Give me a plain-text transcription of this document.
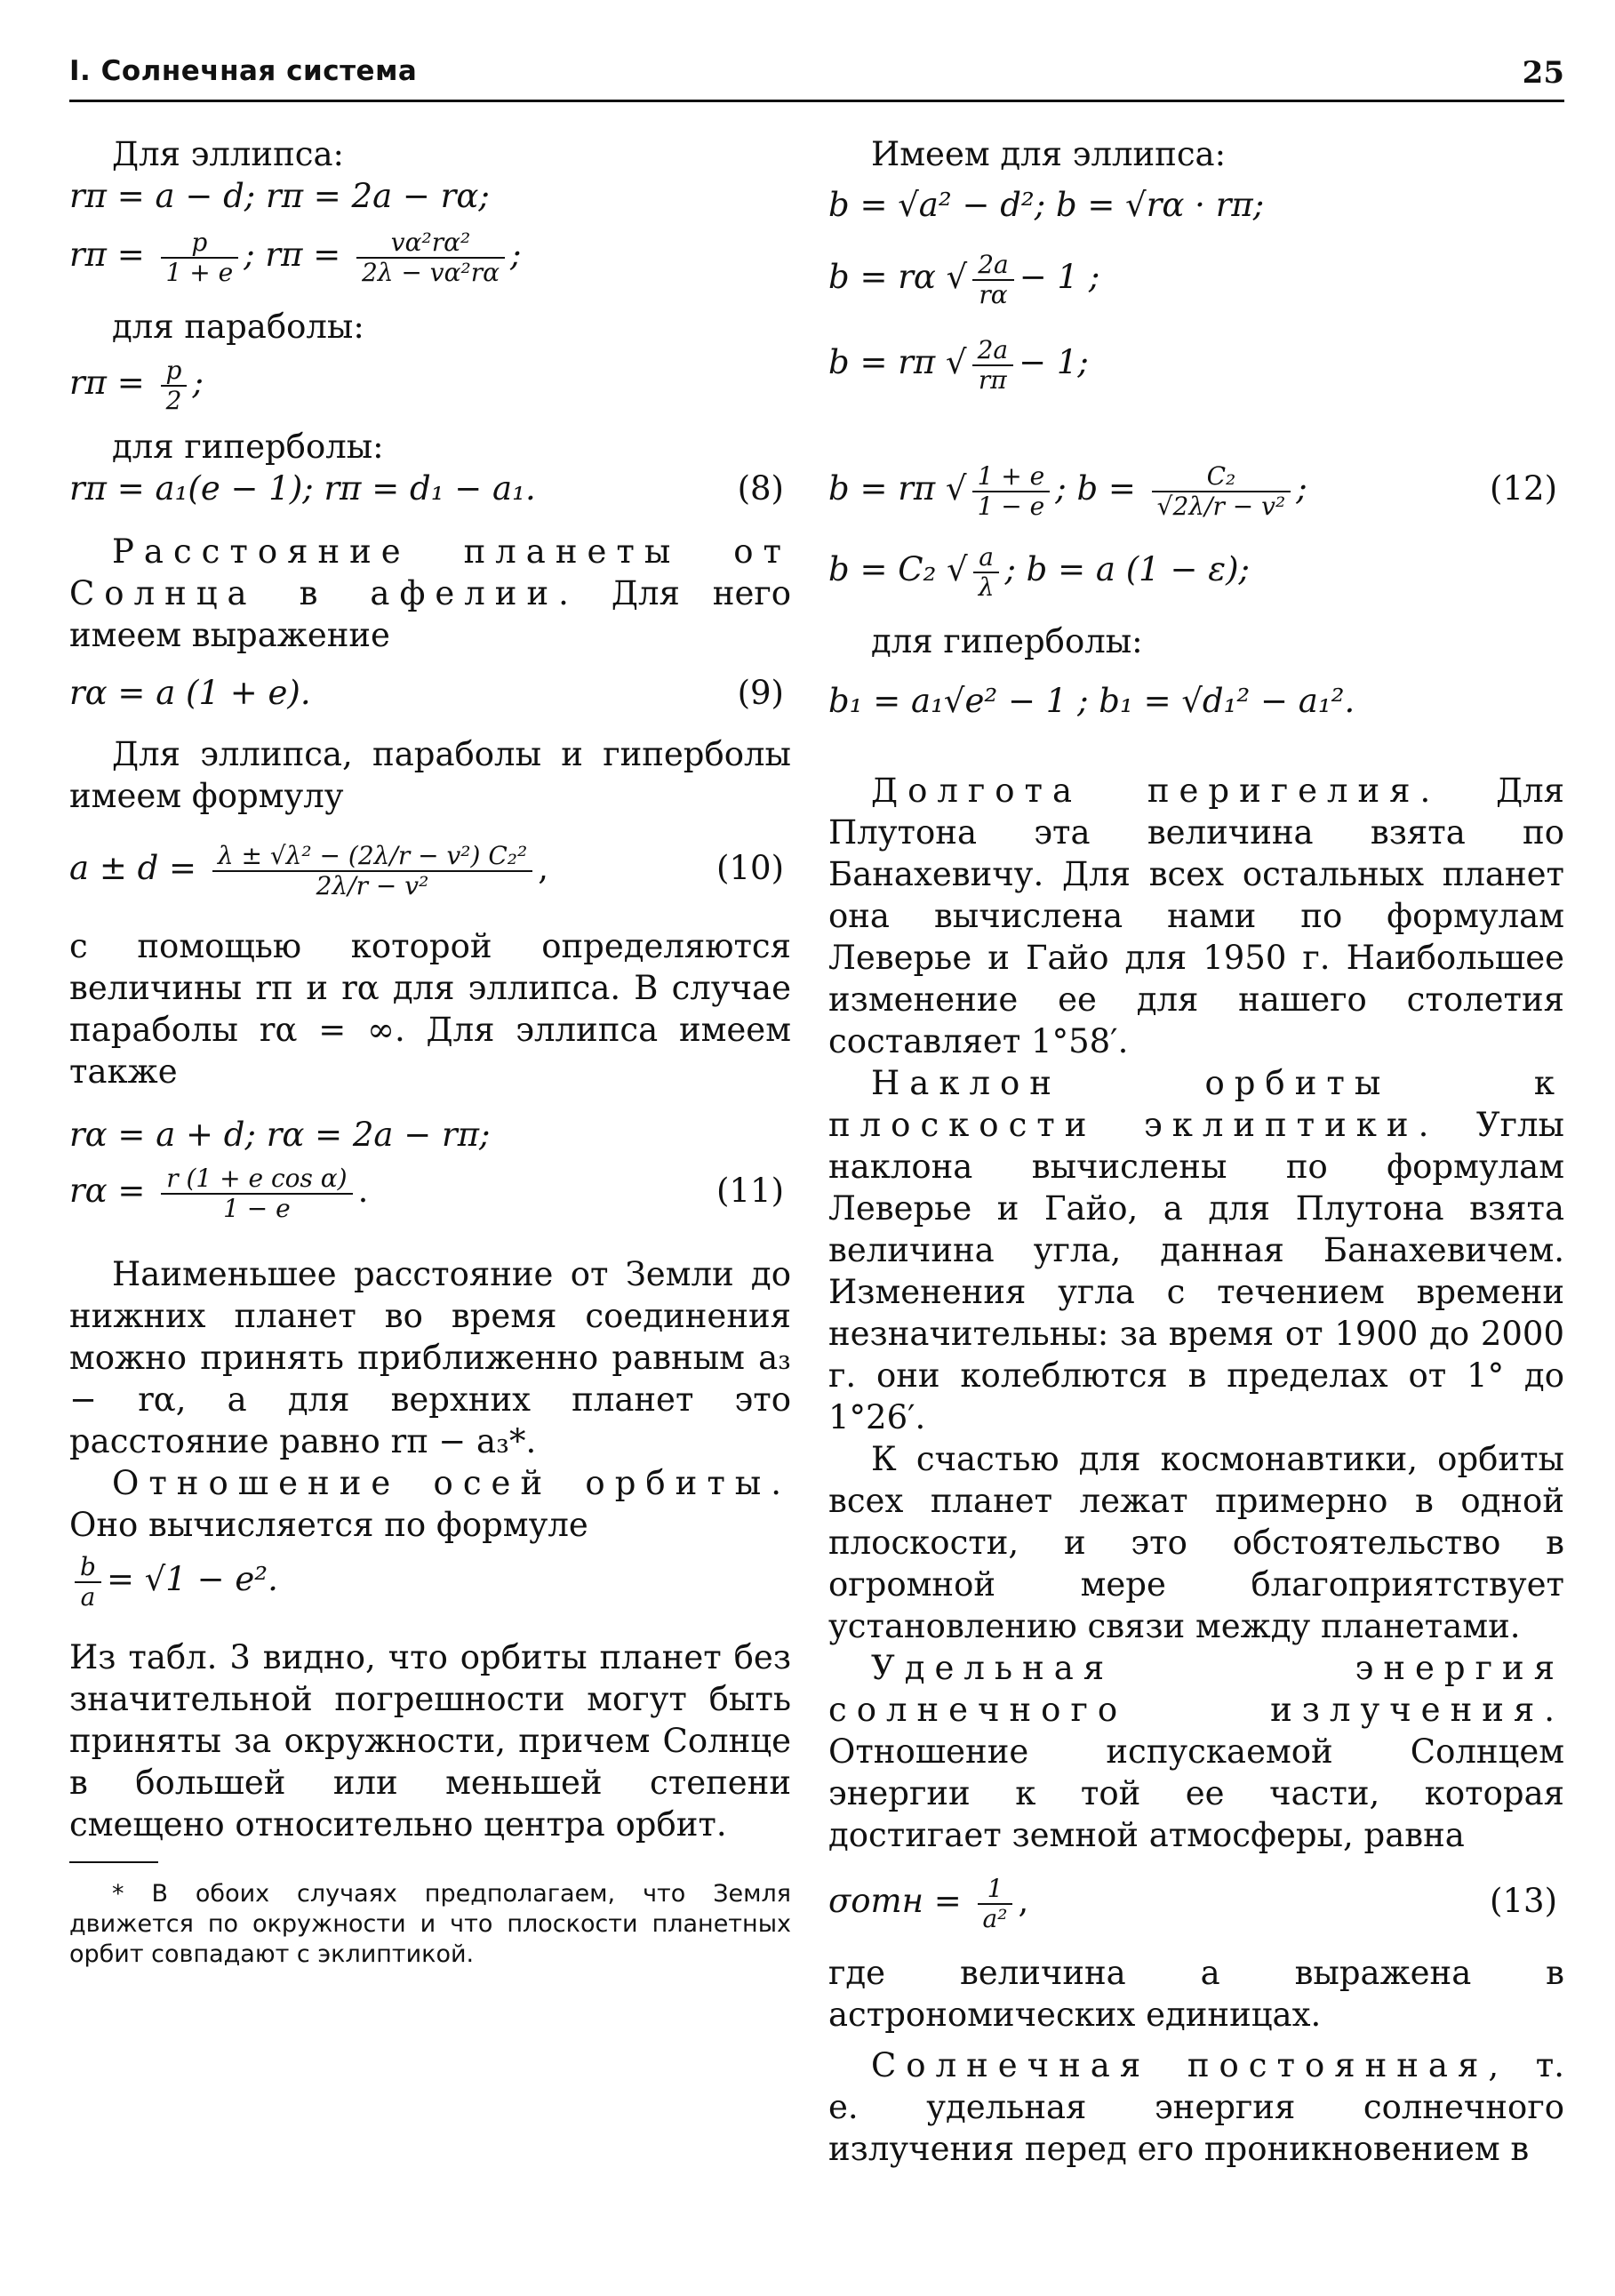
I. Солнечная система	25

Для эллипса:

rπ = a − d; rπ = 2a − rα;
$r\pi = \frac{p}{1 + e}$ ; $r\pi = \frac{\text{vα²rα²}}{\text{2λ − vα²rα}}$ ;

для параболы:

$r\pi = \frac{p}{2}$ ;

для гиперболы:

rπ = a₁(e − 1); rπ = d₁ − a₁.	(8)

Расстояние планеты от Солнца в афелии. Для него имеем выражение

rα = a (1 + e).	(9)

Для эллипса, параболы и гиперболы имеем формулу

$a \pm d = \frac{\text{λ ± √λ² − (2λ/r − v²) C₂²}}{\text{2λ/r − v²}}$ ,	(10)

с помощью которой определяются величины rπ и rα для эллипса. В случае параболы rα = ∞. Для эллипса имеем также

rα = a + d; rα = 2a − rπ;
$r\alpha = \frac{\text{r (1 + e cos α)}}{1 - e}$ .	(11)

Наименьшее расстояние от Земли до нижних планет во время соединения можно принять приближенно равным a₃ − rα, а для верхних планет это расстояние равно rπ − a₃*.

Отношение осей орбиты. Оно вычисляется по формуле

$\frac{b}{a} = √1 - e^2$.

Из табл. 3 видно, что орбиты планет без значительной погрешности могут быть приняты за окружности, причем Солнце в большей или меньшей степени смещено относительно центра орбит.

* В обоих случаях предполагаем, что Земля движется по окружности и что плоскости планетных орбит совпадают с эклиптикой.

Имеем для эллипса:

b = √a² − d²; b = √rα · rπ;
b = rα √ $\frac{2a}{r\alpha} - 1$ ;
b = rπ √ $\frac{2a}{r\pi} - 1$;
b = rπ √ $\frac{1 + e}{1 - e}$ ; $b = \frac{\text{C₂}}{\text{√2λ/r − v²}}$ ;	(12)
b = C₂ √ $\frac{a}{\lambda}$ ; b = a (1 − ε);

для гиперболы:

b₁ = a₁√e² − 1 ; b₁ = √d₁² − a₁².

Долгота перигелия. Для Плутона эта величина взята по Банахевичу. Для всех остальных планет она вычислена нами по формулам Леверье и Гайо для 1950 г. Наибольшее изменение ее для нашего столетия составляет 1°58′.

Наклон орбиты к плоскости эклиптики. Углы наклона вычислены по формулам Леверье и Гайо, а для Плутона взята величина угла, данная Банахевичем. Изменения угла с течением времени незначительны: за время от 1900 до 2000 г. они колеблются в пределах от 1° до 1°26′.

К счастью для космонавтики, орбиты всех планет лежат примерно в одной плоскости, и это обстоятельство в огромной мере благоприятствует установлению связи между планетами.

Удельная энергия солнечного излучения. Отношение испускаемой Солнцем энергии к той ее части, которая достигает земной атмосферы, равна

$\sigma отн = \frac{1}{\text{a²}}$ ,	(13)

где величина a выражена в астрономических единицах.

Солнечная постоянная, т. е. удельная энергия солнечного излучения перед его проникновением в
